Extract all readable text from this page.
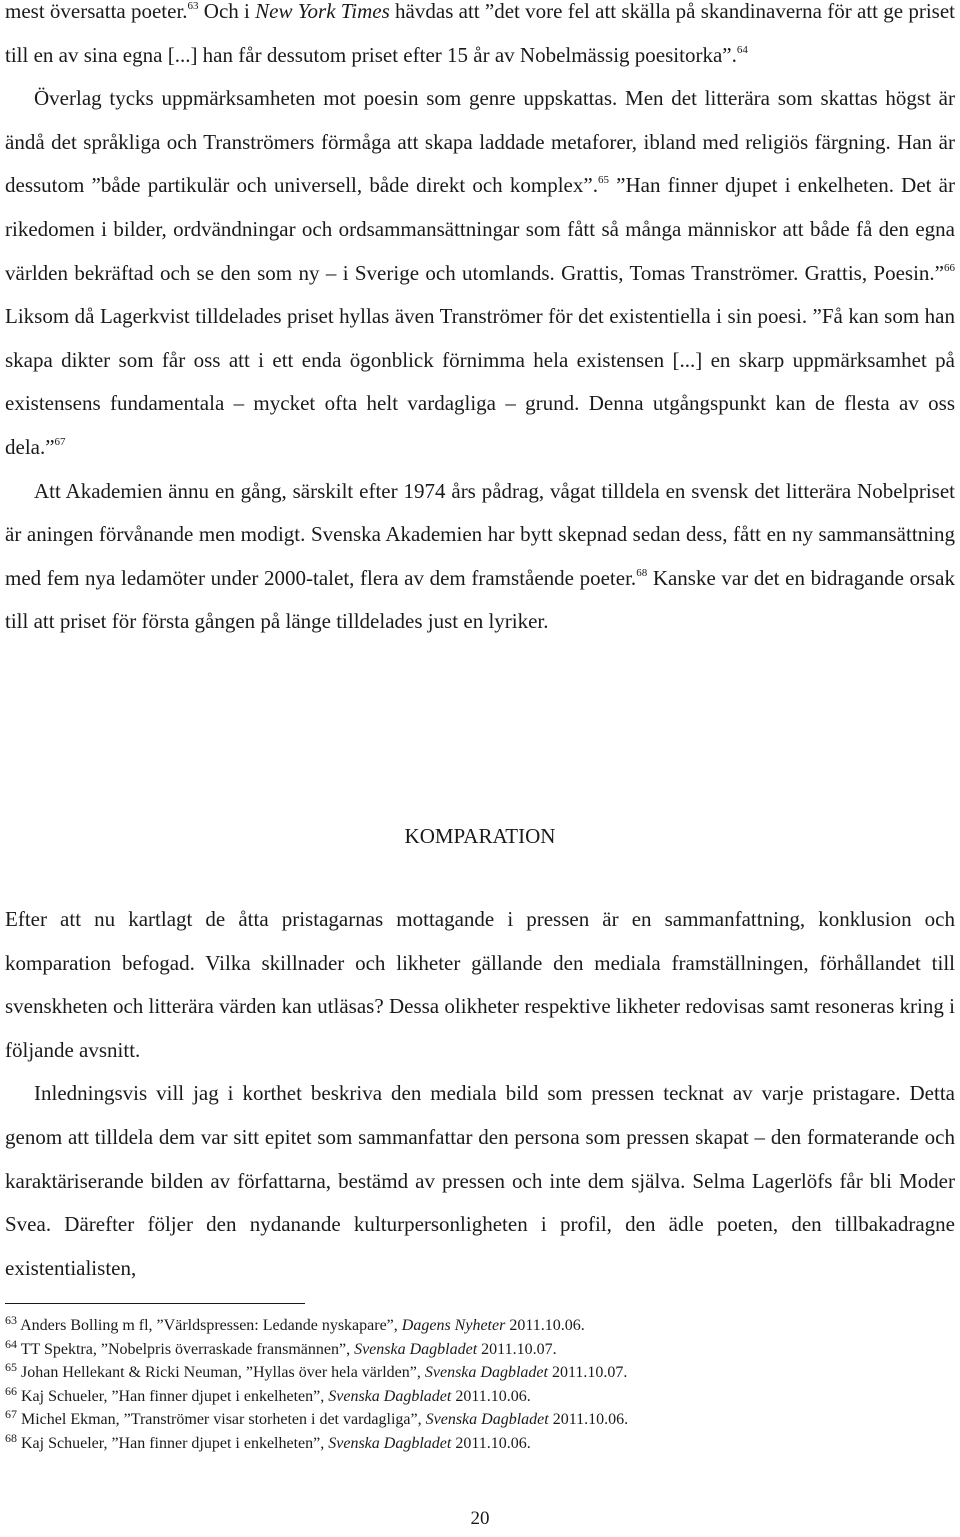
mest översatta poeter.$^{63}$ Och i New York Times hävdas att ”det vore fel att skälla på skandinaverna för att ge priset till en av sina egna [...] han får dessutom priset efter 15 år av Nobelmässig poesitorka”.$^{64}$

Överlag tycks uppmärksamheten mot poesin som genre uppskattas. Men det litterära som skattas högst är ändå det språkliga och Tranströmers förmåga att skapa laddade metaforer, ibland med religiös färgning. Han är dessutom ”både partikulär och universell, både direkt och komplex”.$^{65}$ ”Han finner djupet i enkelheten. Det är rikedomen i bilder, ordvändningar och ordsammansättningar som fått så många människor att både få den egna världen bekräftad och se den som ny – i Sverige och utomlands. Grattis, Tomas Tranströmer. Grattis, Poesin.”$^{66}$ Liksom då Lagerkvist tilldelades priset hyllas även Tranströmer för det existentiella i sin poesi. ”Få kan som han skapa dikter som får oss att i ett enda ögonblick förnimma hela existensen [...] en skarp uppmärksamhet på existensens fundamentala – mycket ofta helt vardagliga – grund. Denna utgångspunkt kan de flesta av oss dela.”$^{67}$

Att Akademien ännu en gång, särskilt efter 1974 års pådrag, vågat tilldela en svensk det litterära Nobelpriset är aningen förvånande men modigt. Svenska Akademien har bytt skepnad sedan dess, fått en ny sammansättning med fem nya ledamöter under 2000-talet, flera av dem framstående poeter.$^{68}$ Kanske var det en bidragande orsak till att priset för första gången på länge tilldelades just en lyriker.

KOMPARATION

Efter att nu kartlagt de åtta pristagarnas mottagande i pressen är en sammanfattning, konklusion och komparation befogad. Vilka skillnader och likheter gällande den mediala framställningen, förhållandet till svenskheten och litterära värden kan utläsas? Dessa olikheter respektive likheter redovisas samt resoneras kring i följande avsnitt.

Inledningsvis vill jag i korthet beskriva den mediala bild som pressen tecknat av varje pristagare. Detta genom att tilldela dem var sitt epitet som sammanfattar den persona som pressen skapat – den formaterande och karaktäriserande bilden av författarna, bestämd av pressen och inte dem själva. Selma Lagerlöfs får bli Moder Svea. Därefter följer den nydanande kulturpersonligheten i profil, den ädle poeten, den tillbakadragne existentialisten,

$^{63}$ Anders Bolling m fl, ”Världspressen: Ledande nyskapare”, Dagens Nyheter 2011.10.06.
$^{64}$ TT Spektra, ”Nobelpris överraskade fransmännen”, Svenska Dagbladet 2011.10.07.
$^{65}$ Johan Hellekant & Ricki Neuman, ”Hyllas över hela världen”, Svenska Dagbladet 2011.10.07.
$^{66}$ Kaj Schueler, ”Han finner djupet i enkelheten”, Svenska Dagbladet 2011.10.06.
$^{67}$ Michel Ekman, ”Tranströmer visar storheten i det vardagliga”, Svenska Dagbladet 2011.10.06.
$^{68}$ Kaj Schueler, ”Han finner djupet i enkelheten”, Svenska Dagbladet 2011.10.06.
20
